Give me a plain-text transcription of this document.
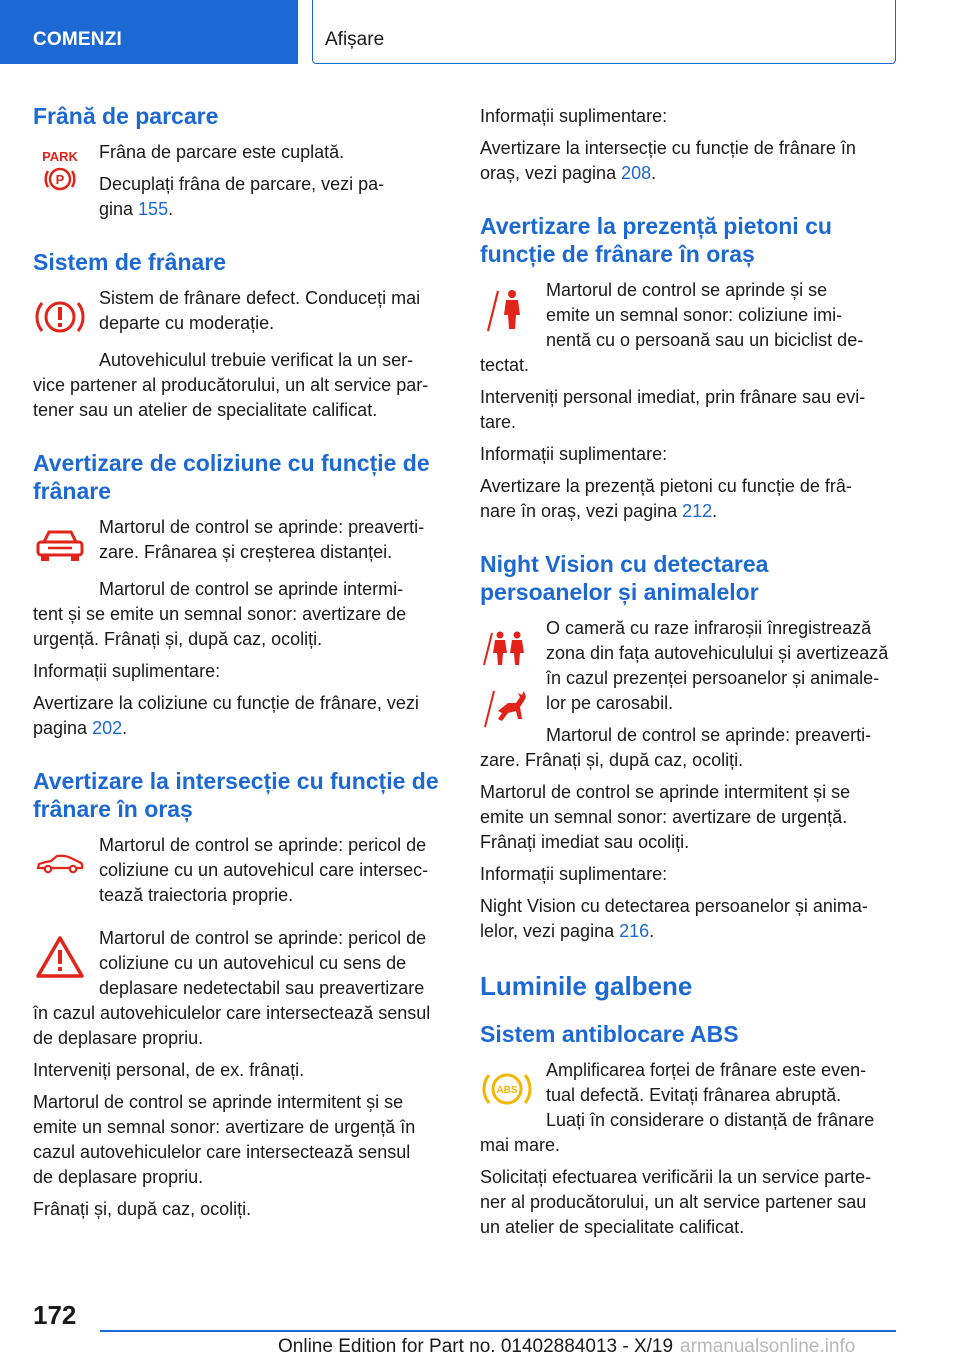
COMENZI	Afișare
Frână de parcare
PARK
P

Frâna de parcare este cuplată.

Decuplați frâna de parcare, vezi pa-
gina 155.

Sistem de frânare

Sistem de frânare defect. Conduceți mai
departe cu moderație.

Autovehiculul trebuie verificat la un ser-
vice partener al producătorului, un alt service par-
tener sau un atelier de specialitate calificat.

Avertizare de coliziune cu funcție de frânare

Martorul de control se aprinde: preaverti-
zare. Frânarea și creșterea distanței.

Martorul de control se aprinde intermi-
tent și se emite un semnal sonor: avertizare de
urgență. Frânați și, după caz, ocoliți.

Informații suplimentare:

Avertizare la coliziune cu funcție de frânare, vezi
pagina 202.

Avertizare la intersecție cu funcție de frânare în oraș

Martorul de control se aprinde: pericol de
coliziune cu un autovehicul care intersec-
tează traiectoria proprie.

Martorul de control se aprinde: pericol de
coliziune cu un autovehicul cu sens de
deplasare nedetectabil sau preavertizare

în cazul autovehiculelor care intersectează sensul
de deplasare propriu.

Interveniți personal, de ex. frânați.

Martorul de control se aprinde intermitent și se
emite un semnal sonor: avertizare de urgență în
cazul autovehiculelor care intersectează sensul
de deplasare propriu.

Frânați și, după caz, ocoliți.

Informații suplimentare:

Avertizare la intersecție cu funcție de frânare în
oraș, vezi pagina 208.

Avertizare la prezență pietoni cu funcție de frânare în oraș

Martorul de control se aprinde și se
emite un semnal sonor: coliziune imi-
nentă cu o persoană sau un biciclist de-

tectat.

Interveniți personal imediat, prin frânare sau evi-
tare.

Informații suplimentare:

Avertizare la prezență pietoni cu funcție de frâ-
nare în oraș, vezi pagina 212.

Night Vision cu detectarea persoanelor și animalelor

O cameră cu raze infraroșii înregistrează
zona din fața autovehiculului și avertizează
în cazul prezenței persoanelor și animale-
lor pe carosabil.

Martorul de control se aprinde: preaverti-

zare. Frânați și, după caz, ocoliți.

Martorul de control se aprinde intermitent și se
emite un semnal sonor: avertizare de urgență.
Frânați imediat sau ocoliți.

Informații suplimentare:

Night Vision cu detectarea persoanelor și anima-
lelor, vezi pagina 216.

Luminile galbene
Sistem antiblocare ABS
ABS

Amplificarea forței de frânare este even-
tual defectă. Evitați frânarea abruptă.
Luați în considerare o distanță de frânare

mai mare.

Solicitați efectuarea verificării la un service parte-
ner al producătorului, un alt service partener sau
un atelier de specialitate calificat.

172
Online Edition for Part no. 01402884013 - X/19 armanualsonline.info
